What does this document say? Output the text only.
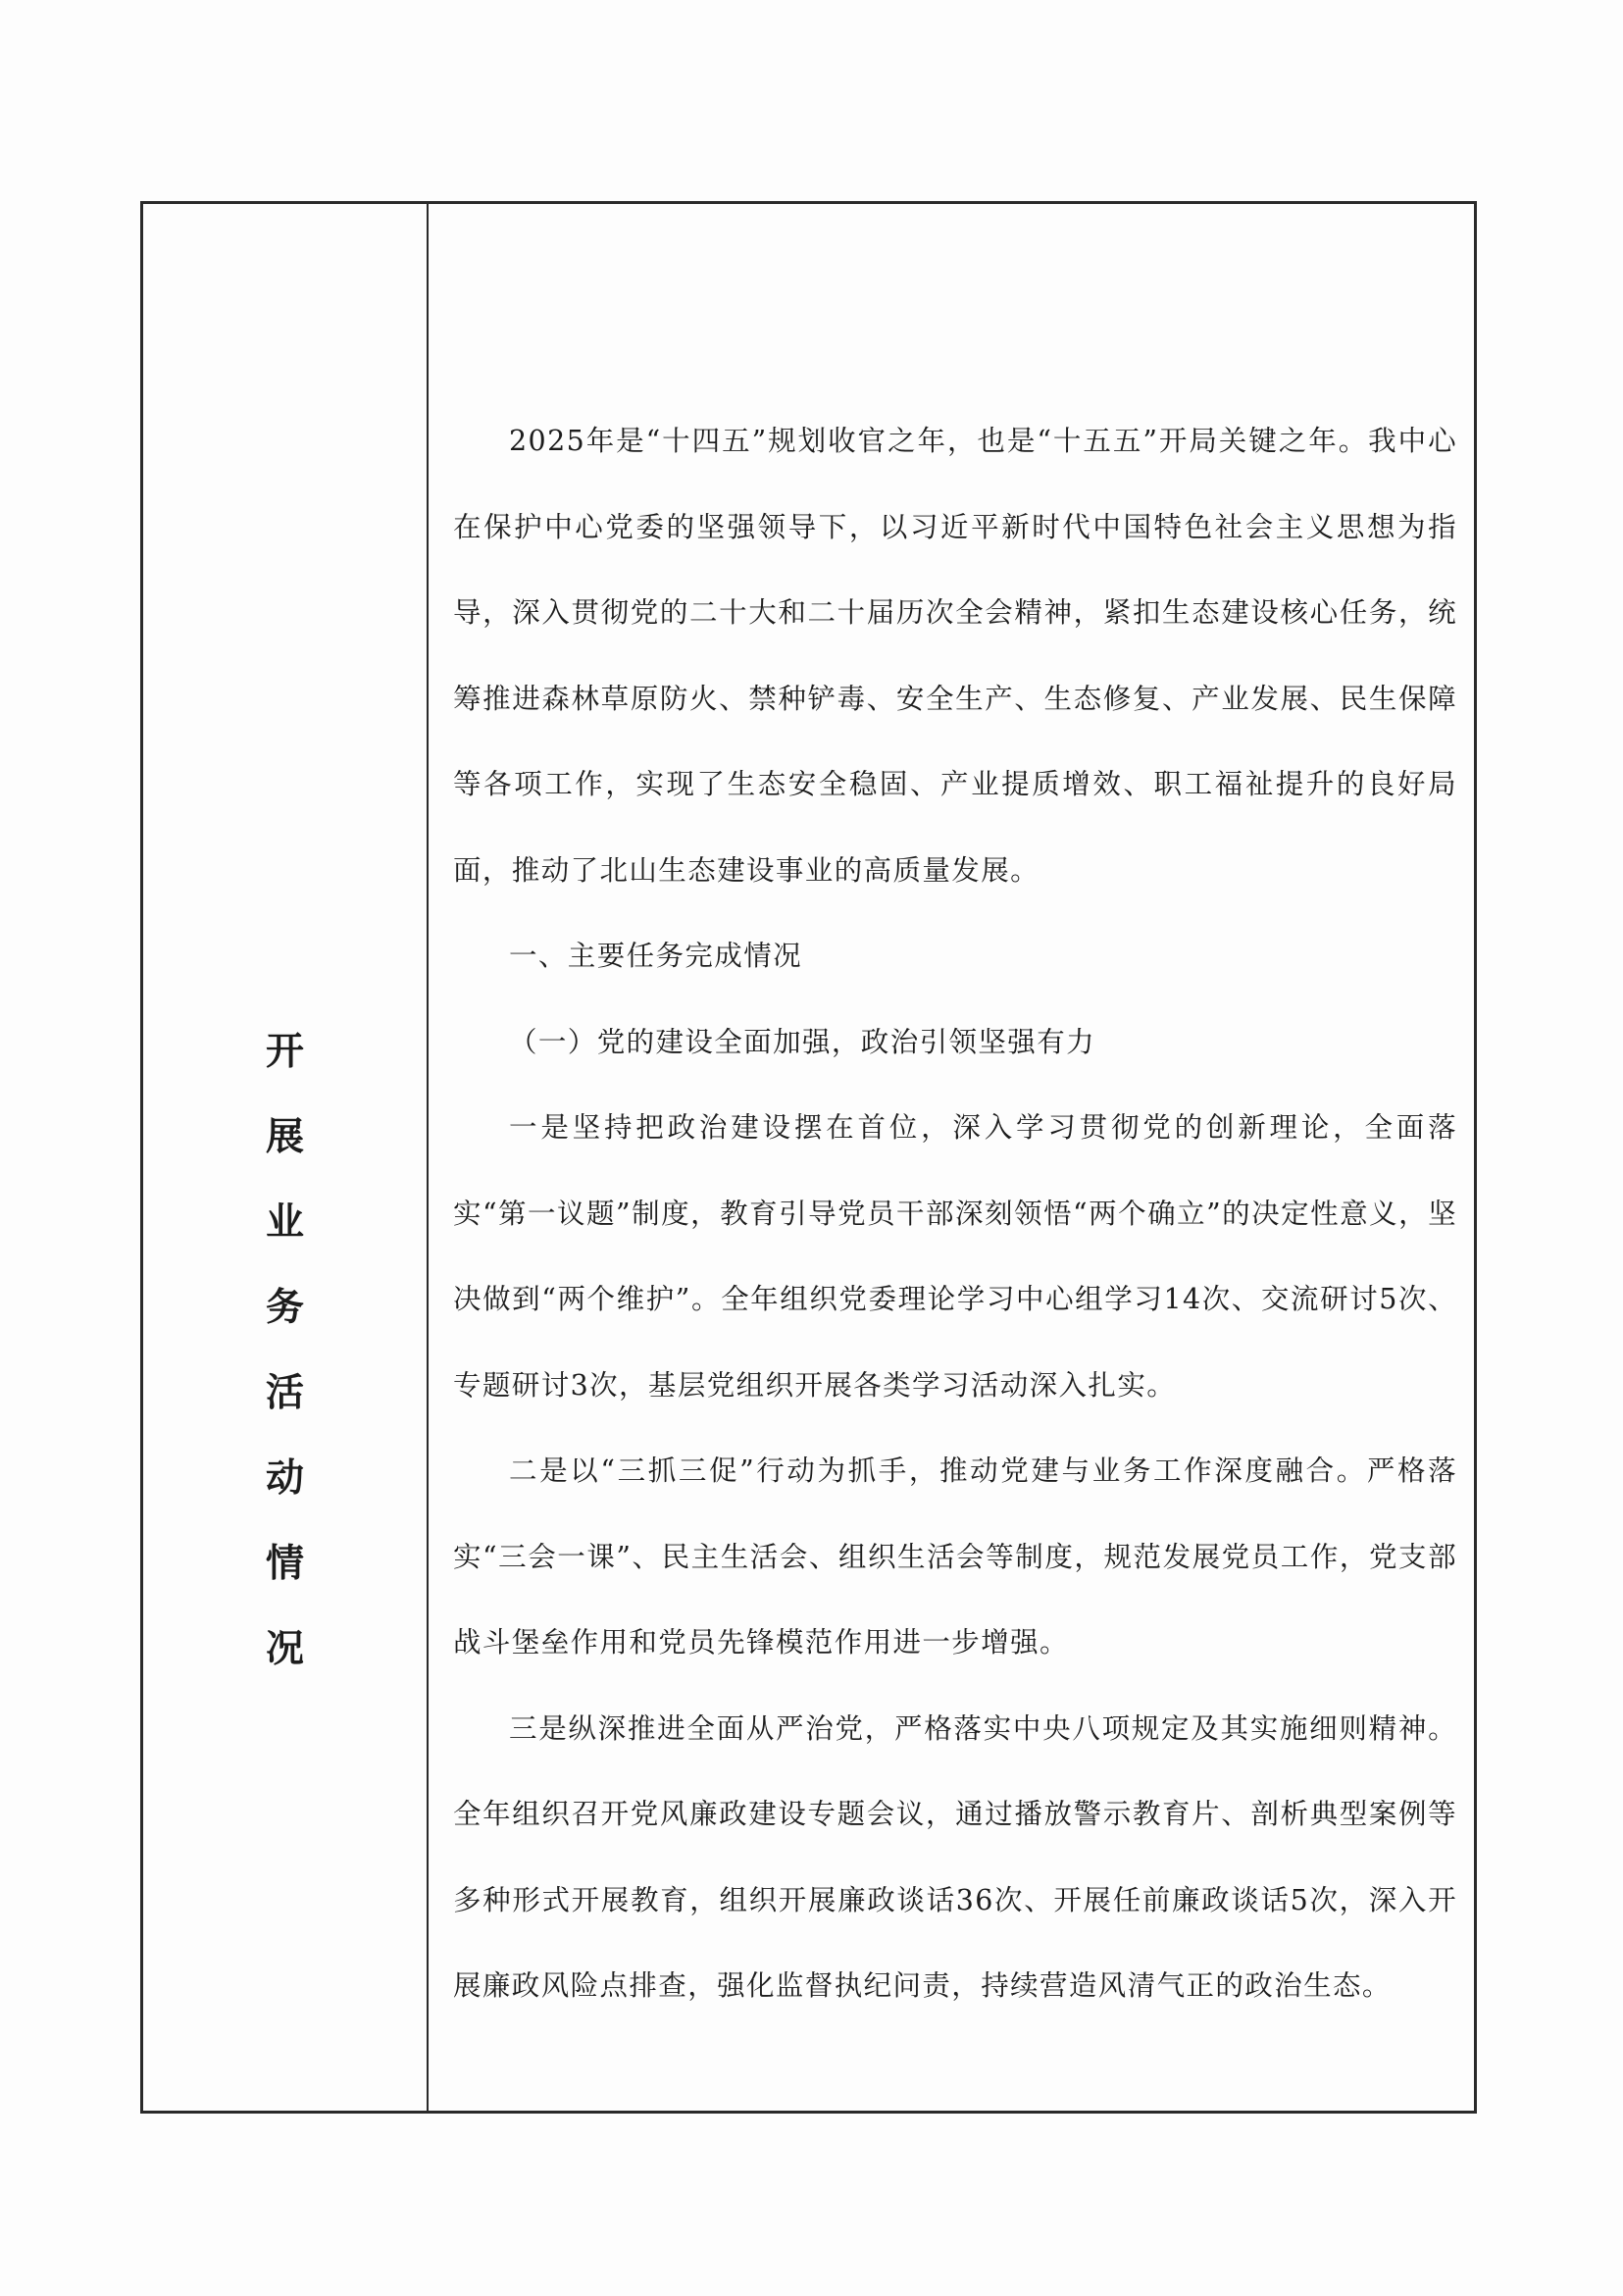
开
展
业
务
活
动
情
况

2025年是“十四五”规划收官之年，也是“十五五”开局关键之年。我中心在保护中心党委的坚强领导下，以习近平新时代中国特色社会主义思想为指导，深入贯彻党的二十大和二十届历次全会精神，紧扣生态建设核心任务，统筹推进森林草原防火、禁种铲毒、安全生产、生态修复、产业发展、民生保障等各项工作，实现了生态安全稳固、产业提质增效、职工福祉提升的良好局面，推动了北山生态建设事业的高质量发展。

一、主要任务完成情况

（一）党的建设全面加强，政治引领坚强有力

一是坚持把政治建设摆在首位，深入学习贯彻党的创新理论，全面落实“第一议题”制度，教育引导党员干部深刻领悟“两个确立”的决定性意义，坚决做到“两个维护”。全年组织党委理论学习中心组学习14次、交流研讨5次、专题研讨3次，基层党组织开展各类学习活动深入扎实。

二是以“三抓三促”行动为抓手，推动党建与业务工作深度融合。严格落实“三会一课”、民主生活会、组织生活会等制度，规范发展党员工作，党支部战斗堡垒作用和党员先锋模范作用进一步增强。

三是纵深推进全面从严治党，严格落实中央八项规定及其实施细则精神。全年组织召开党风廉政建设专题会议，通过播放警示教育片、剖析典型案例等多种形式开展教育，组织开展廉政谈话36次、开展任前廉政谈话5次，深入开展廉政风险点排查，强化监督执纪问责，持续营造风清气正的政治生态。
